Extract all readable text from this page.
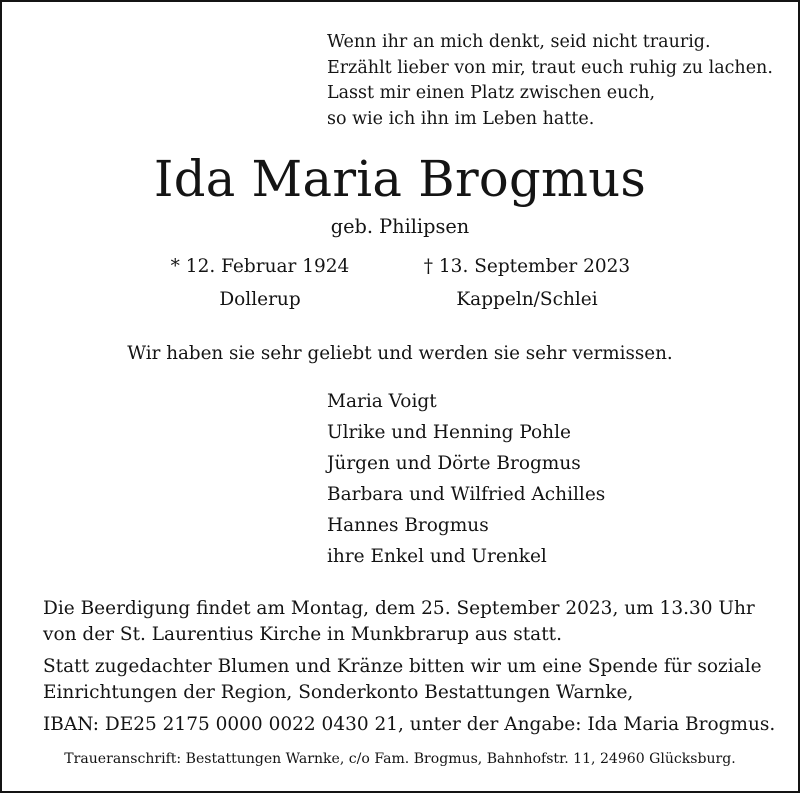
Wenn ihr an mich denkt, seid nicht traurig.
Erzählt lieber von mir, traut euch ruhig zu lachen.
Lasst mir einen Platz zwischen euch,
so wie ich ihn im Leben hatte.
Ida Maria Brogmus
geb. Philipsen
* 12. Februar 1924
Dollerup
† 13. September 2023
Kappeln/Schlei
Wir haben sie sehr geliebt und werden sie sehr vermissen.
Maria Voigt
Ulrike und Henning Pohle
Jürgen und Dörte Brogmus
Barbara und Wilfried Achilles
Hannes Brogmus
ihre Enkel und Urenkel
Die Beerdigung findet am Montag, dem 25. September 2023, um 13.30 Uhr
von der St. Laurentius Kirche in Munkbrarup aus statt.
Statt zugedachter Blumen und Kränze bitten wir um eine Spende für soziale
Einrichtungen der Region, Sonderkonto Bestattungen Warnke,
IBAN: DE25 2175 0000 0022 0430 21, unter der Angabe: Ida Maria Brogmus.
Traueranschrift: Bestattungen Warnke, c/o Fam. Brogmus, Bahnhofstr. 11, 24960 Glücksburg.
